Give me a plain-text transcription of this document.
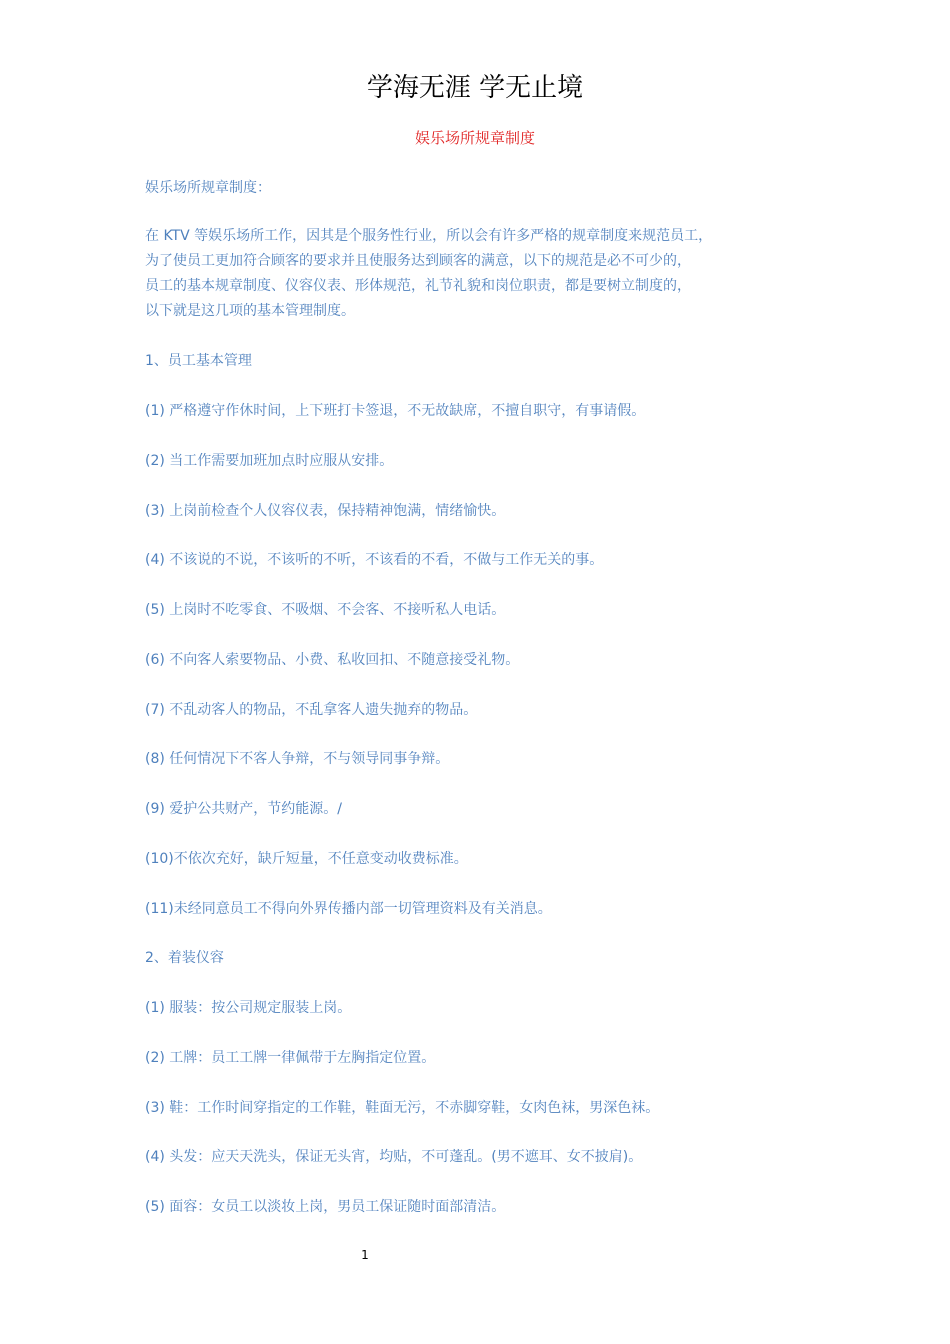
学海无涯 学无止境
娱乐场所规章制度
娱乐场所规章制度：
在 KTV 等娱乐场所工作，因其是个服务性行业，所以会有许多严格的规章制度来规范员工，
为了使员工更加符合顾客的要求并且使服务达到顾客的满意，以下的规范是必不可少的，
员工的基本规章制度、仪容仪表、形体规范，礼节礼貌和岗位职责，都是要树立制度的，
以下就是这几项的基本管理制度。
1、员工基本管理
(1) 严格遵守作休时间，上下班打卡签退，不无故缺席，不擅自职守，有事请假。
(2) 当工作需要加班加点时应服从安排。
(3) 上岗前检查个人仪容仪表，保持精神饱满，情绪愉快。
(4) 不该说的不说，不该听的不听，不该看的不看，不做与工作无关的事。
(5) 上岗时不吃零食、不吸烟、不会客、不接听私人电话。
(6) 不向客人索要物品、小费、私收回扣、不随意接受礼物。
(7) 不乱动客人的物品，不乱拿客人遗失抛弃的物品。
(8) 任何情况下不客人争辩，不与领导同事争辩。
(9) 爱护公共财产，节约能源。/
(10)不依次充好，缺斤短量，不任意变动收费标准。
(11)未经同意员工不得向外界传播内部一切管理资料及有关消息。
2、着装仪容
(1) 服装：按公司规定服装上岗。
(2) 工牌：员工工牌一律佩带于左胸指定位置。
(3) 鞋：工作时间穿指定的工作鞋，鞋面无污，不赤脚穿鞋，女肉色袜，男深色袜。
(4) 头发：应天天洗头，保证无头宵，均贴，不可蓬乱。(男不遮耳、女不披肩)。
(5) 面容：女员工以淡妆上岗，男员工保证随时面部清洁。
1
